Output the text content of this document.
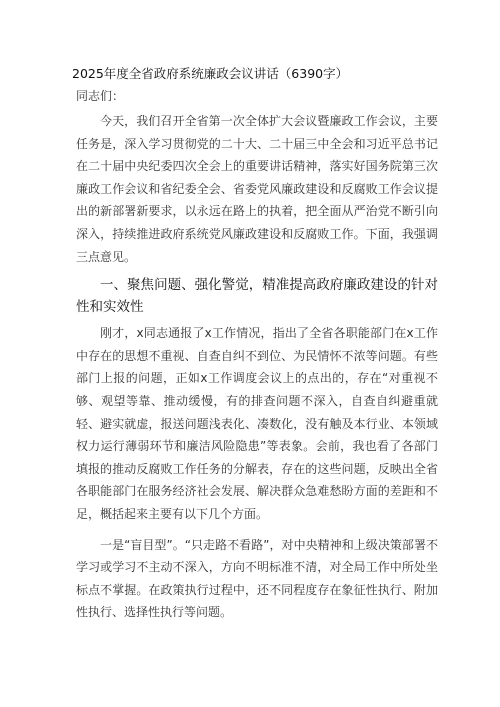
2025年度全省政府系统廉政会议讲话（6390字）
同志们：

今天，我们召开全省第一次全体扩大会议暨廉政工作会议，主要任务是，深入学习贯彻党的二十大、二十届三中全会和习近平总书记在二十届中央纪委四次全会上的重要讲话精神，落实好国务院第三次廉政工作会议和省纪委全会、省委党风廉政建设和反腐败工作会议提出的新部署新要求，以永远在路上的执着，把全面从严治党不断引向深入，持续推进政府系统党风廉政建设和反腐败工作。下面，我强调三点意见。

一、聚焦问题、强化警觉，精准提高政府廉政建设的针对性和实效性

刚才，x同志通报了x工作情况，指出了全省各职能部门在x工作中存在的思想不重视、自查自纠不到位、为民情怀不浓等问题。有些部门上报的问题，正如x工作调度会议上的点出的，存在“对重视不够、观望等靠、推动缓慢，有的排查问题不深入，自查自纠避重就轻、避实就虚，报送问题浅表化、凑数化，没有触及本行业、本领域权力运行薄弱环节和廉洁风险隐患”等表象。会前，我也看了各部门填报的推动反腐败工作任务的分解表，存在的这些问题，反映出全省各职能部门在服务经济社会发展、解决群众急难愁盼方面的差距和不足，概括起来主要有以下几个方面。

一是“盲目型”。“只走路不看路”，对中央精神和上级决策部署不学习或学习不主动不深入，方向不明标准不清，对全局工作中所处坐标点不掌握。在政策执行过程中，还不同程度存在象征性执行、附加性执行、选择性执行等问题。
